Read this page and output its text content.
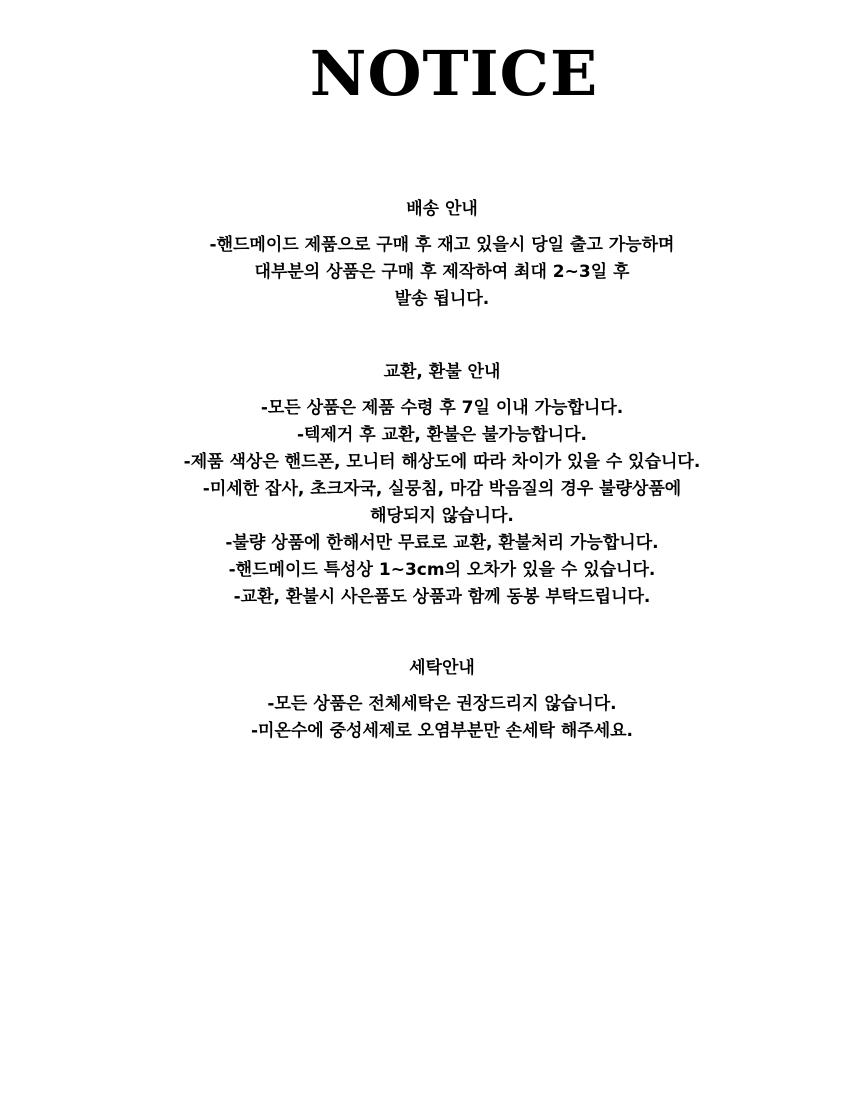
NOTICE
배송 안내
-핸드메이드 제품으로 구매 후 재고 있을시 당일 출고 가능하며
대부분의 상품은 구매 후 제작하여 최대 2~3일 후
발송 됩니다.
교환, 환불 안내
-모든 상품은 제품 수령 후 7일 이내 가능합니다.
-텍제거 후 교환, 환불은 불가능합니다.
-제품 색상은 핸드폰, 모니터 해상도에 따라 차이가 있을 수 있습니다.
-미세한 잡사, 초크자국, 실뭉침, 마감 박음질의 경우 불량상품에
해당되지 않습니다.
-불량 상품에 한해서만 무료로 교환, 환불처리 가능합니다.
-핸드메이드 특성상 1~3cm의 오차가 있을 수 있습니다.
-교환, 환불시 사은품도 상품과 함께 동봉 부탁드립니다.
세탁안내
-모든 상품은 전체세탁은 권장드리지 않습니다.
-미온수에 중성세제로 오염부분만 손세탁 해주세요.
